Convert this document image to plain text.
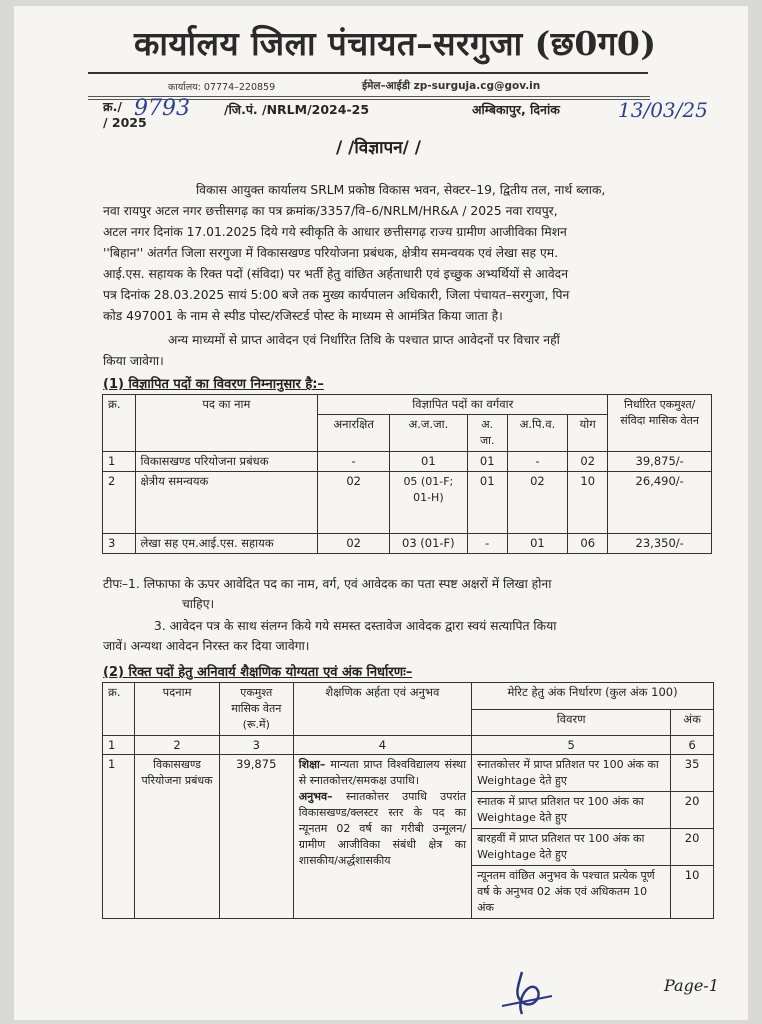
कार्यालय जिला पंचायत–सरगुजा (छ0ग0)
कार्यालय: 07774–220859	ईमेल–आईडी zp-surguja.cg@gov.in
क्र./
/ 2025
9793	/जि.पं. /NRLM/2024-25	अम्बिकापुर, दिनांक	13/03/25
/ /विज्ञापन/ /
विकास आयुक्त कार्यालय SRLM प्रकोष्ठ विकास भवन, सेक्टर–19, द्वितीय तल, नार्थ ब्लाक,
नवा रायपुर अटल नगर छत्तीसगढ़ का पत्र क्रमांक/3357/वि–6/NRLM/HR&A / 2025 नवा रायपुर,
अटल नगर दिनांक 17.01.2025 दिये गये स्वीकृति के आधार छत्तीसगढ़ राज्य ग्रामीण आजीविका मिशन
''बिहान'' अंतर्गत जिला सरगुजा में विकासखण्ड परियोजना प्रबंधक, क्षेत्रीय समन्वयक एवं लेखा सह एम.
आई.एस. सहायक के रिक्त पदों (संविदा) पर भर्ती हेतु वांछित अर्हताधारी एवं इच्छुक अभ्यर्थियों से आवेदन
पत्र दिनांक 28.03.2025 सायं 5:00 बजे तक मुख्य कार्यपालन अधिकारी, जिला पंचायत–सरगुजा, पिन
कोड 497001 के नाम से स्पीड पोस्ट/रजिस्टर्ड पोस्ट के माध्यम से आमंत्रित किया जाता है।
अन्य माध्यमों से प्राप्त आवेदन एवं निर्धारित तिथि के पश्चात प्राप्त आवेदनों पर विचार नहीं
किया जावेगा।
(1) विज्ञापित पदों का विवरण निम्नानुसार है:–
क्र.	पद का नाम	विज्ञापित पदों का वर्गवार					निर्धारित एकमुश्त/संविदा मासिक वेतन
		अनारक्षित	अ.ज.जा.	अ. जा.	अ.पि.व.	योग	
1	विकासखण्ड परियोजना प्रबंधक	-	01	01	-	02	39,875/-
2	क्षेत्रीय समन्वयक	02	05 (01-F; 01-H)	01	02	10	26,490/-
3	लेखा सह एम.आई.एस. सहायक	02	03 (01-F)	-	01	06	23,350/-
टीपः–1. लिफाफा के ऊपर आवेदित पद का नाम, वर्ग, एवं आवेदक का पता स्पष्ट अक्षरों में लिखा होना
चाहिए।
3. आवेदन पत्र के साथ संलग्न किये गये समस्त दस्तावेज आवेदक द्वारा स्वयं सत्यापित किया
जावें। अन्यथा आवेदन निरस्त कर दिया जावेगा।
(2) रिक्त पदों हेतु अनिवार्य शैक्षणिक योग्यता एवं अंक निर्धारणः–
क्र.	पदनाम	एकमुश्त मासिक वेतन (रू.में)	शैक्षणिक अर्हता एवं अनुभव	मेरिट हेतु अंक निर्धारण (कुल अंक 100)	
				विवरण	अंक
1	2	3	4	5	6
1	विकासखण्ड परियोजना प्रबंधक	39,875	शिक्षा– मान्यता प्राप्त विश्वविद्यालय संस्था से स्नातकोत्तर/समकक्ष उपाधि।
अनुभव– स्नातकोत्तर उपाधि उपरांत विकासखण्ड/क्लस्टर स्तर के पद का न्यूनतम 02 वर्ष का गरीबी उन्मूलन/ ग्रामीण आजीविका संबंधी क्षेत्र का शासकीय/अर्द्धशासकीय	स्नातकोत्तर में प्राप्त प्रतिशत पर 100 अंक का Weightage देते हुए	35
				स्नातक में प्राप्त प्रतिशत पर 100 अंक का Weightage देते हुए	20
				बारहवीं में प्राप्त प्रतिशत पर 100 अंक का Weightage देते हुए	20
				न्यूनतम वांछित अनुभव के पश्चात प्रत्येक पूर्ण वर्ष के अनुभव 02 अंक एवं अधिकतम 10 अंक	10
Page-1
